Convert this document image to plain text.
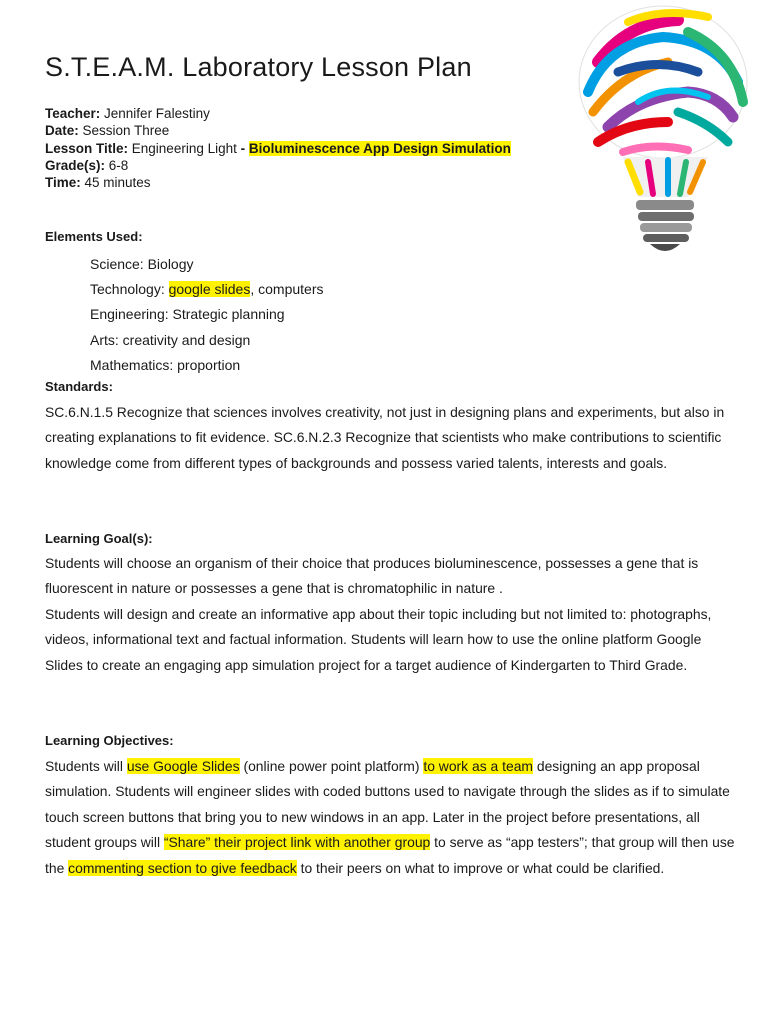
S.T.E.A.M. Laboratory Lesson Plan
Teacher: Jennifer Falestiny
Date: Session Three
Lesson Title: Engineering Light - Bioluminescence App Design Simulation
Grade(s): 6-8
Time: 45 minutes
Elements Used:
Science: Biology
Technology: google slides, computers
Engineering: Strategic planning
Arts: creativity and design
Mathematics: proportion
Standards:

SC.6.N.1.5 Recognize that sciences involves creativity, not just in designing plans and experiments, but also in creating explanations to fit evidence. SC.6.N.2.3 Recognize that scientists who make contributions to scientific knowledge come from different types of backgrounds and possess varied talents, interests and goals.

Learning Goal(s):

Students will choose an organism of their choice that produces bioluminescence, possesses a gene that is fluorescent in nature or possesses a gene that is chromatophilic in nature .

Students will design and create an informative app about their topic including but not limited to: photographs, videos, informational text and factual information. Students will learn how to use the online platform Google Slides to create an engaging app simulation project for a target audience of Kindergarten to Third Grade.

Learning Objectives:

Students will use Google Slides (online power point platform) to work as a team designing an app proposal simulation. Students will engineer slides with coded buttons used to navigate through the slides as if to simulate touch screen buttons that bring you to new windows in an app. Later in the project before presentations, all student groups will “Share” their project link with another group to serve as “app testers”; that group will then use the commenting section to give feedback to their peers on what to improve or what could be clarified.
